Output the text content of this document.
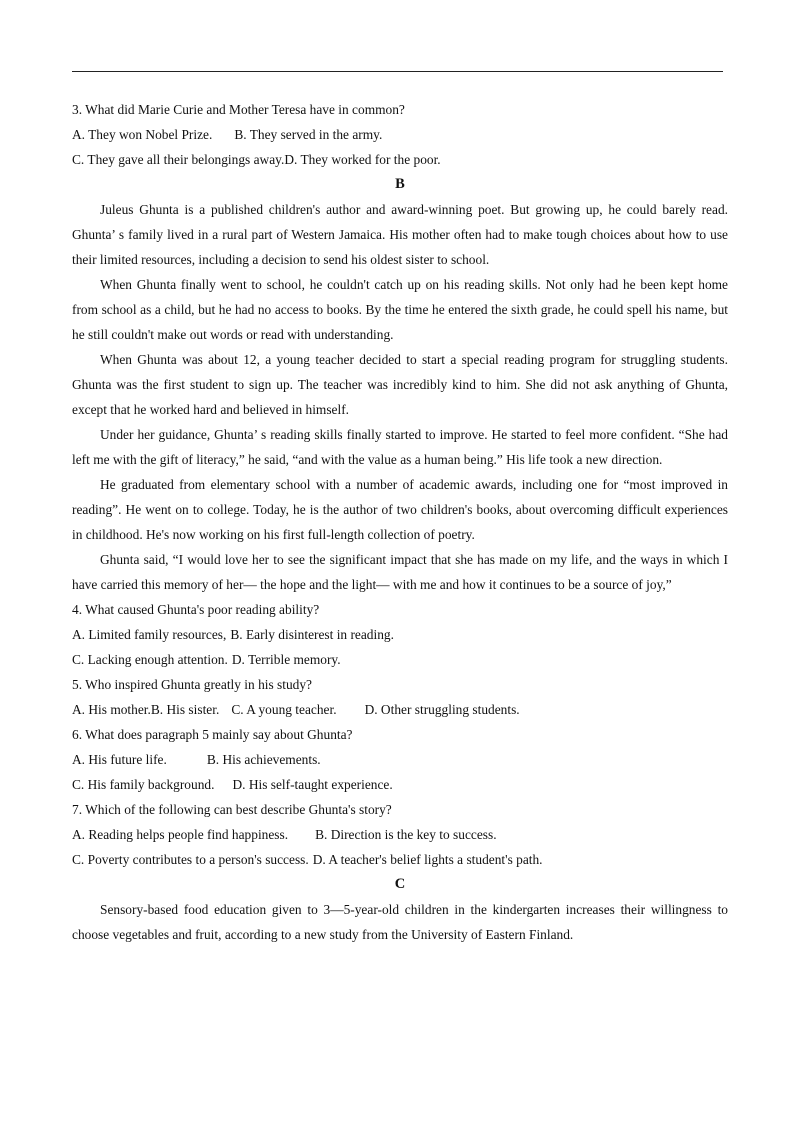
3. What did Marie Curie and Mother Teresa have in common?
A. They won Nobel Prize. B. They served in the army.
C. They gave all their belongings away.D. They worked for the poor.
B

Juleus Ghunta is a published children's author and award-winning poet. But growing up, he could barely read. Ghunta’ s family lived in a rural part of Western Jamaica. His mother often had to make tough choices about how to use their limited resources, including a decision to send his oldest sister to school.

When Ghunta finally went to school, he couldn't catch up on his reading skills. Not only had he been kept home from school as a child, but he had no access to books. By the time he entered the sixth grade, he could spell his name, but he still couldn't make out words or read with understanding.

When Ghunta was about 12, a young teacher decided to start a special reading program for struggling students. Ghunta was the first student to sign up. The teacher was incredibly kind to him. She did not ask anything of Ghunta, except that he worked hard and believed in himself.

Under her guidance, Ghunta’ s reading skills finally started to improve. He started to feel more confident. “She had left me with the gift of literacy,” he said, “and with the value as a human being.” His life took a new direction.

He graduated from elementary school with a number of academic awards, including one for “most improved in reading”. He went on to college. Today, he is the author of two children's books, about overcoming difficult experiences in childhood. He's now working on his first full-length collection of poetry.

Ghunta said, “I would love her to see the significant impact that she has made on my life, and the ways in which I have carried this memory of her— the hope and the light— with me and how it continues to be a source of joy,”

4. What caused Ghunta's poor reading ability?
A. Limited family resources, B. Early disinterest in reading.
C. Lacking enough attention. D. Terrible memory.
5. Who inspired Ghunta greatly in his study?
A. His mother.B. His sister. C. A young teacher. D. Other struggling students.
6. What does paragraph 5 mainly say about Ghunta?
A. His future life.	B. His achievements.
C. His family background. D. His self-taught experience.
7. Which of the following can best describe Ghunta's story?
A. Reading helps people find happiness. B. Direction is the key to success.
C. Poverty contributes to a person's success. D. A teacher's belief lights a student's path.
C

Sensory-based food education given to 3—5-year-old children in the kindergarten increases their willingness to choose vegetables and fruit, according to a new study from the University of Eastern Finland.
